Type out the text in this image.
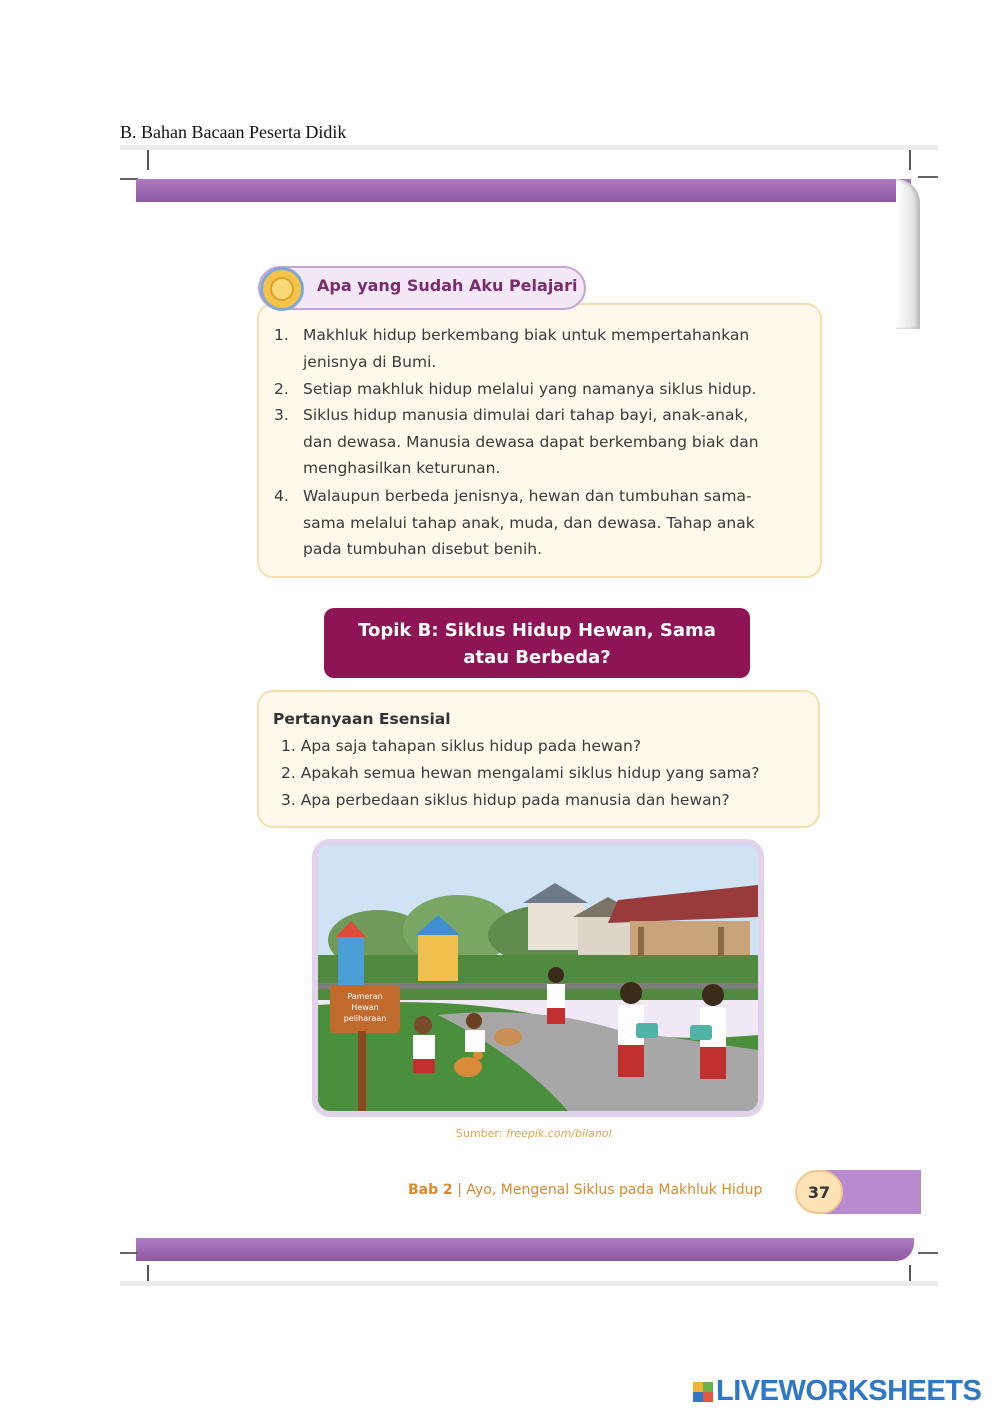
B. Bahan Bacaan Peserta Didik
Apa yang Sudah Aku Pelajari
1. Makhluk hidup berkembang biak untuk mempertahankan
jenisnya di Bumi.
2. Setiap makhluk hidup melalui yang namanya siklus hidup.
3. Siklus hidup manusia dimulai dari tahap bayi, anak-anak,
dan dewasa. Manusia dewasa dapat berkembang biak dan
menghasilkan keturunan.
4. Walaupun berbeda jenisnya, hewan dan tumbuhan sama-
sama melalui tahap anak, muda, dan dewasa. Tahap anak
pada tumbuhan disebut benih.
Topik B: Siklus Hidup Hewan, Sama
atau Berbeda?
Pertanyaan Esensial
1. Apa saja tahapan siklus hidup pada hewan?
2. Apakah semua hewan mengalami siklus hidup yang sama?
3. Apa perbedaan siklus hidup pada manusia dan hewan?
Pameran
Hewan
peliharaan
Sumber: freepik.com/bilanol
Bab 2 | Ayo, Mengenal Siklus pada Makhluk Hidup	37
LIVEWORKSHEETS
